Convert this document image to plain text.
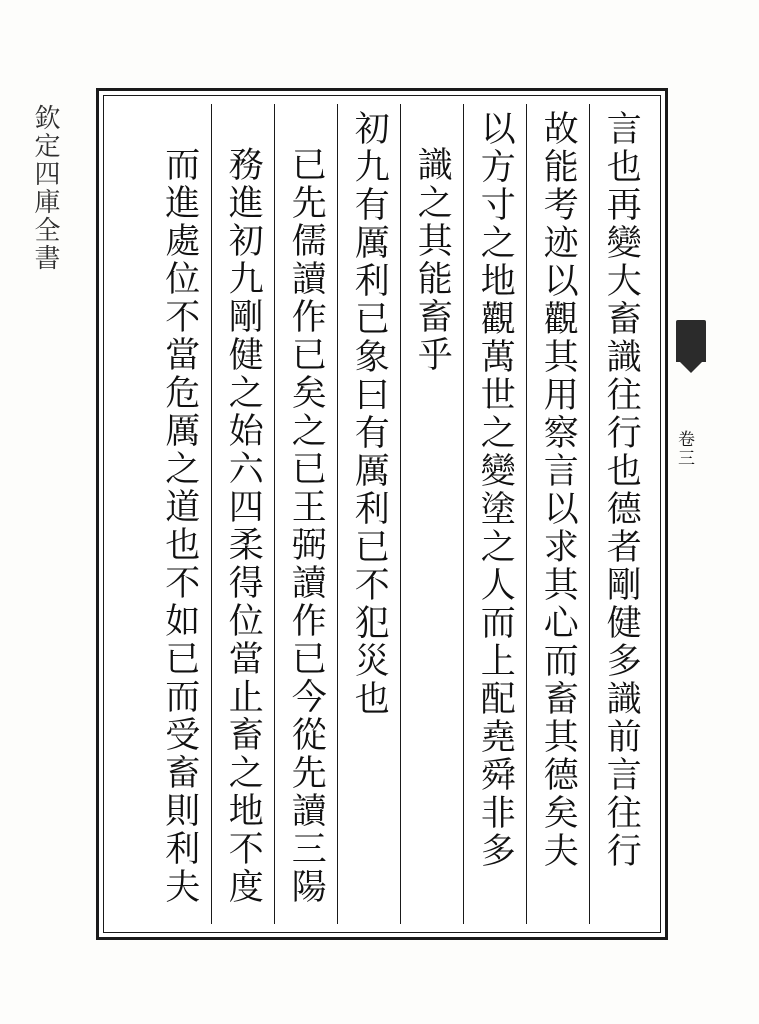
言也再變大畜識往行也德者剛健多識前言往行
故能考迹以觀其用察言以求其心而畜其德矣夫
以方寸之地觀萬世之變塗之人而上配堯舜非多
識之其能畜乎
初九有厲利已象曰有厲利已不犯災也
已先儒讀作已矣之已王弼讀作已今從先讀三陽
務進初九剛健之始六四柔得位當止畜之地不度
而進處位不當危厲之道也不如已而受畜則利夫
欽定四庫全書
卷三
